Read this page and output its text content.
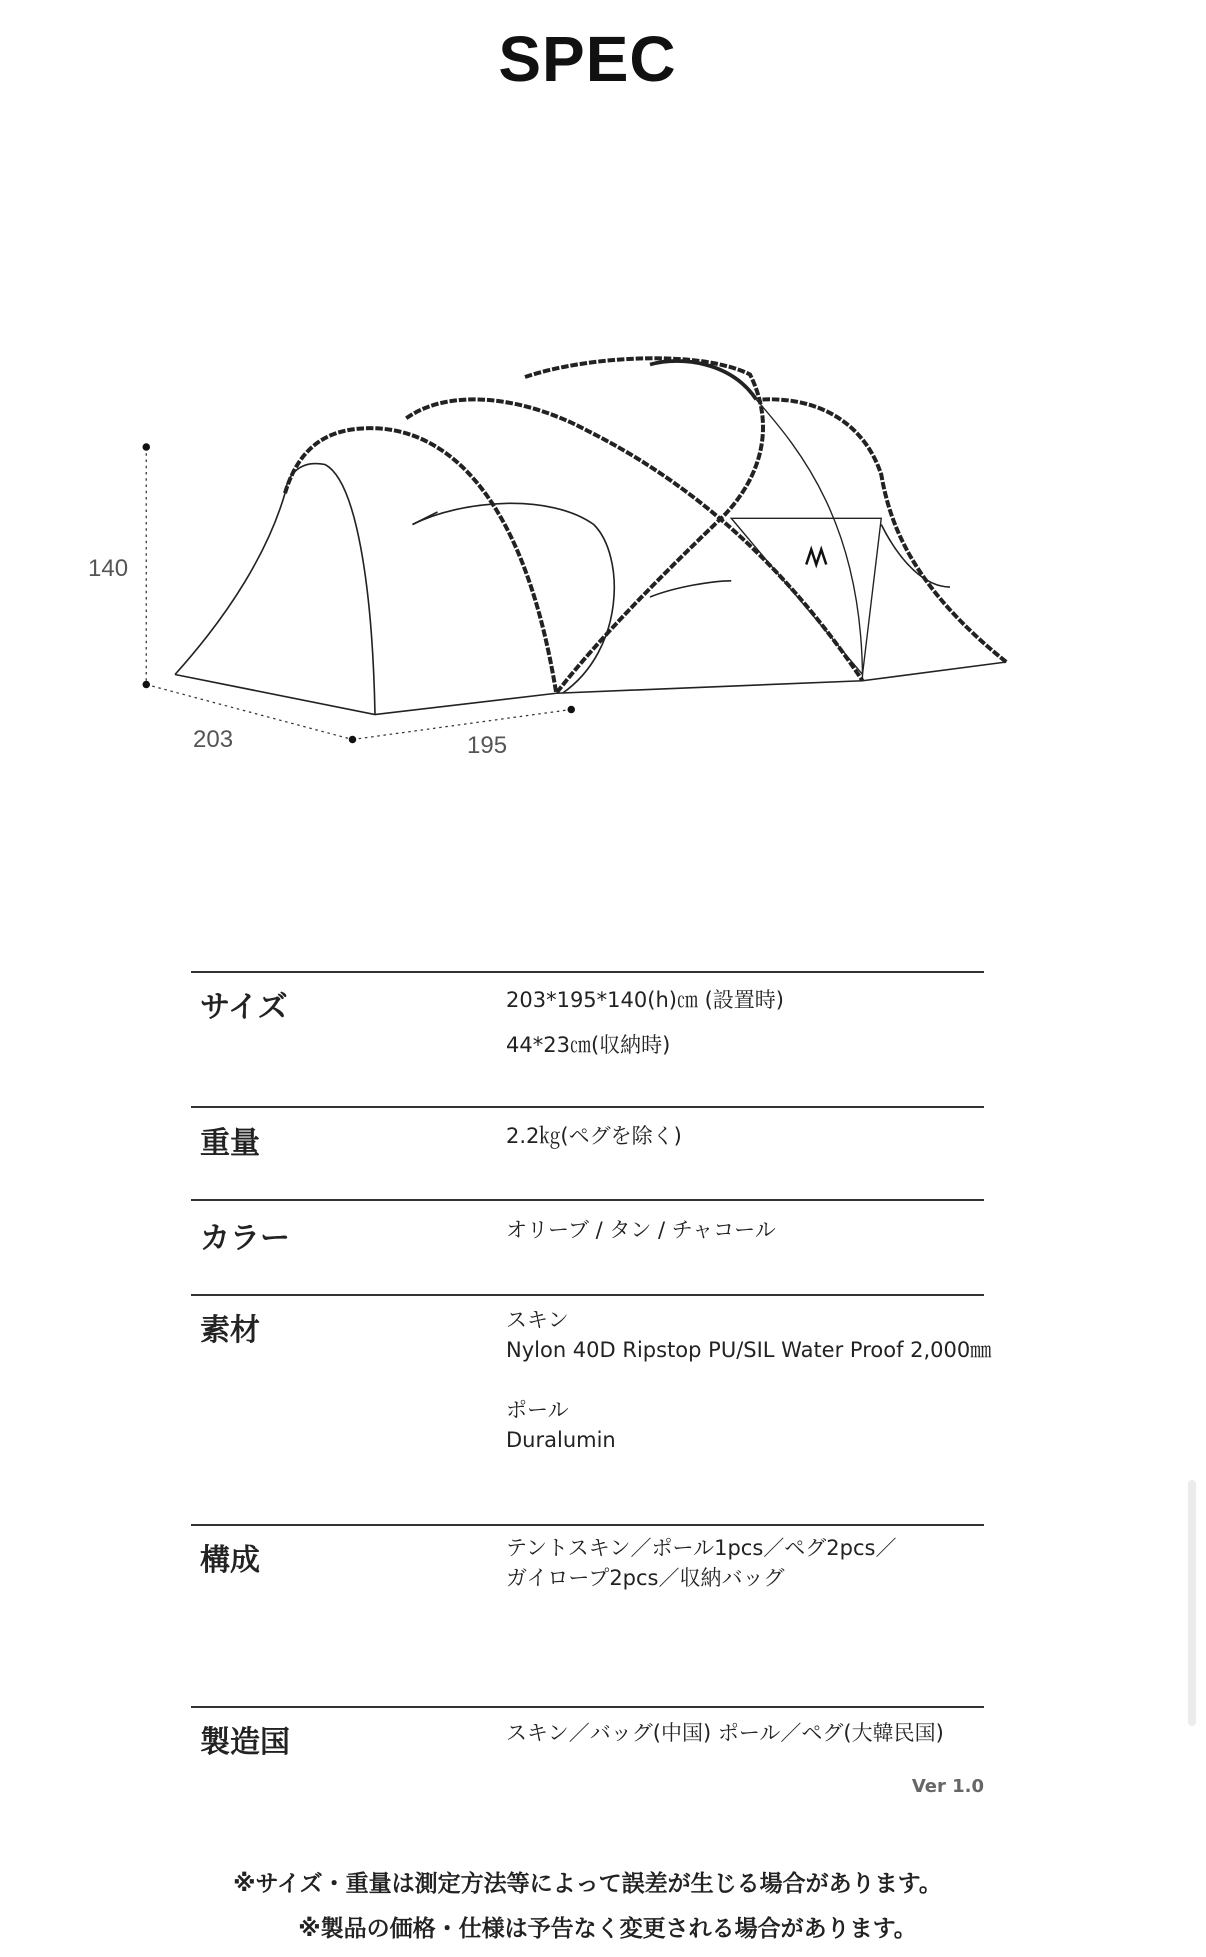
SPEC
140
203	195
サイズ	203*195*140(h)㎝ (設置時)
44*23㎝(収納時)
重量	2.2㎏(ペグを除く)
カラー	オリーブ / タン / チャコール
素材	スキン
Nylon 40D Ripstop PU/SIL Water Proof 2,000㎜
ポール
Duralumin
構成	テントスキン／ポール1pcs／ペグ2pcs／
ガイロープ2pcs／収納バッグ
製造国	スキン／バッグ(中国) ポール／ペグ(大韓民国)
Ver 1.0
※サイズ・重量は測定方法等によって誤差が生じる場合があります。
※製品の価格・仕様は予告なく変更される場合があります。
